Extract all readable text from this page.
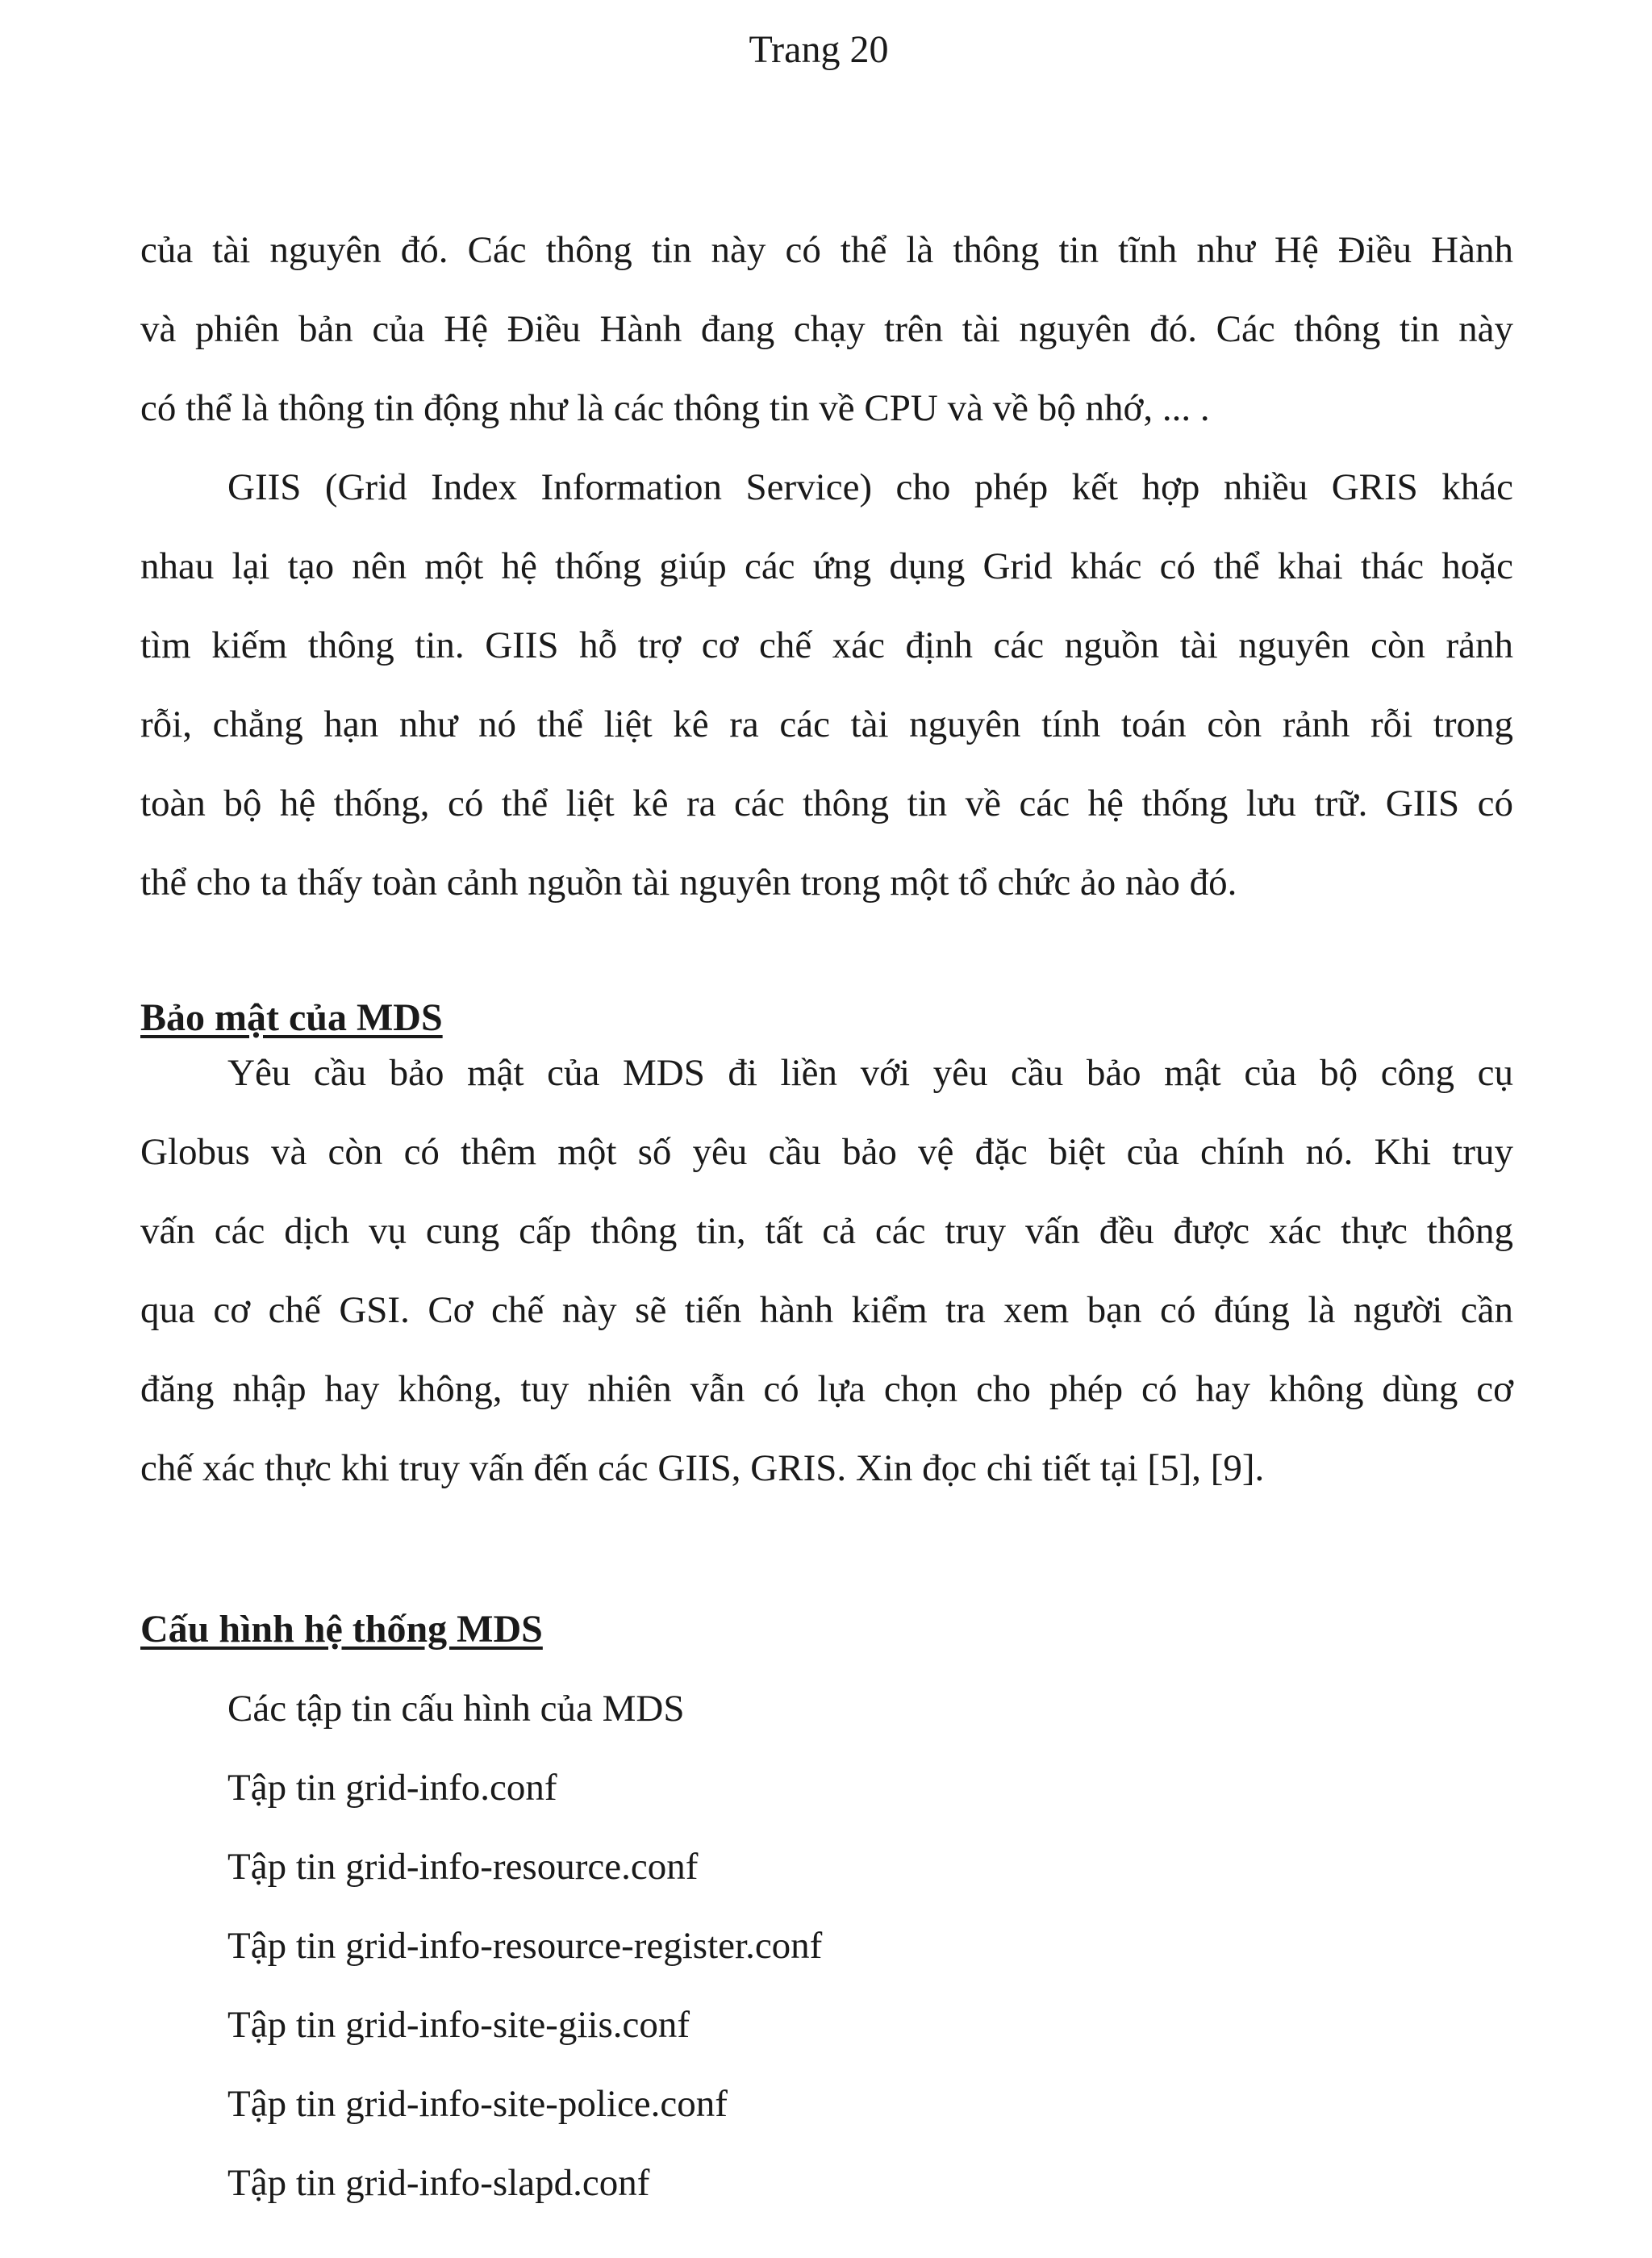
Trang 20
của tài nguyên đó. Các thông tin này có thể là thông tin tĩnh như Hệ Điều Hành
và phiên bản của Hệ Điều Hành đang chạy trên tài nguyên đó. Các thông tin này
có thể là thông tin động như là các thông tin về CPU và về bộ nhớ, ... .
GIIS (Grid Index Information Service) cho phép kết hợp nhiều GRIS khác
nhau lại tạo nên một hệ thống giúp các ứng dụng Grid khác có thể khai thác hoặc
tìm kiếm thông tin. GIIS hỗ trợ cơ chế xác định các nguồn tài nguyên còn rảnh
rỗi, chẳng hạn như nó thể liệt kê ra các tài nguyên tính toán còn rảnh rỗi trong
toàn bộ hệ thống, có thể liệt kê ra các thông tin về các hệ thống lưu trữ. GIIS có
thể cho ta thấy toàn cảnh nguồn tài nguyên trong một tổ chức ảo nào đó.
Bảo mật của MDS
Yêu cầu bảo mật của MDS đi liền với yêu cầu bảo mật của bộ công cụ
Globus và còn có thêm một số yêu cầu bảo vệ đặc biệt của chính nó. Khi truy
vấn các dịch vụ cung cấp thông tin, tất cả các truy vấn đều được xác thực thông
qua cơ chế GSI. Cơ chế này sẽ tiến hành kiểm tra xem bạn có đúng là người cần
đăng nhập hay không, tuy nhiên vẫn có lựa chọn cho phép có hay không dùng cơ
chế xác thực khi truy vấn đến các GIIS, GRIS. Xin đọc chi tiết tại [5], [9].
Cấu hình hệ thống MDS
Các tập tin cấu hình của MDS
Tập tin grid-info.conf
Tập tin grid-info-resource.conf
Tập tin grid-info-resource-register.conf
Tập tin grid-info-site-giis.conf
Tập tin grid-info-site-police.conf
Tập tin grid-info-slapd.conf
